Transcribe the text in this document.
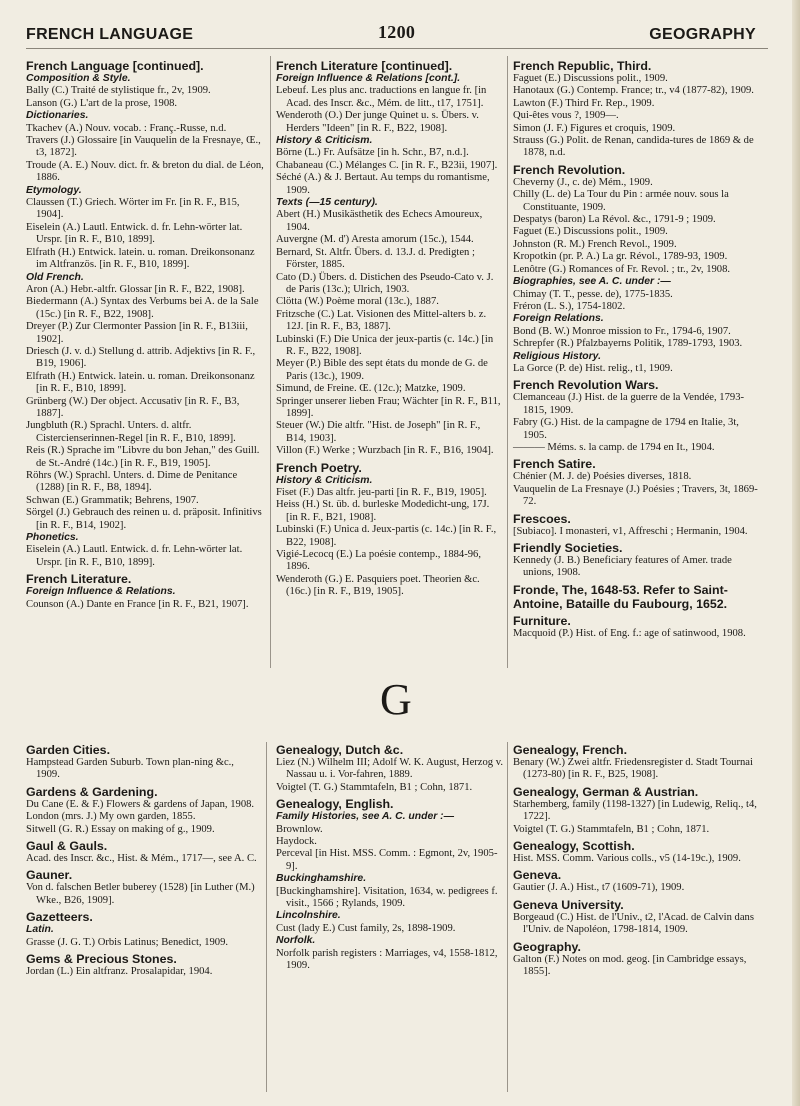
FRENCH LANGUAGE	1200	GEOGRAPHY
French Language [continued].
Composition & Style.
Bally (C.) Traité de stylistique fr., 2v, 1909.
Lanson (G.) L'art de la prose, 1908.
Dictionaries.
Tkachev (A.) Nouv. vocab. : Franç.-Russe, n.d.
Travers (J.) Glossaire [in Vauquelin de la Fresnaye, Œ., t3, 1872].
Troude (A. E.) Nouv. dict. fr. & breton du dial. de Léon, 1886.
Etymology.
Claussen (T.) Griech. Wörter im Fr. [in R. F., B15, 1904].
Eiselein (A.) Lautl. Entwick. d. fr. Lehn-wörter lat. Urspr. [in R. F., B10, 1899].
Elfrath (H.) Entwick. latein. u. roman. Dreikonsonanz im Altfranzös. [in R. F., B10, 1899].
Old French.
Aron (A.) Hebr.-altfr. Glossar [in R. F., B22, 1908].
Biedermann (A.) Syntax des Verbums bei A. de la Sale (15c.) [in R. F., B22, 1908].
Dreyer (P.) Zur Clermonter Passion [in R. F., B13iii, 1902].
Driesch (J. v. d.) Stellung d. attrib. Adjektivs [in R. F., B19, 1906].
Elfrath (H.) Entwick. latein. u. roman. Dreikonsonanz [in R. F., B10, 1899].
Grünberg (W.) Der object. Accusativ [in R. F., B3, 1887].
Jungbluth (R.) Sprachl. Unters. d. altfr. Cistercienserinnen-Regel [in R. F., B10, 1899].
Reis (R.) Sprache im "Libvre du bon Jehan," des Guill. de St.-André (14c.) [in R. F., B19, 1905].
Röhrs (W.) Sprachl. Unters. d. Dime de Penitance (1288) [in R. F., B8, 1894].
Schwan (E.) Grammatik; Behrens, 1907.
Sörgel (J.) Gebrauch des reinen u. d. präposit. Infinitivs [in R. F., B14, 1902].
Phonetics.
Eiselein (A.) Lautl. Entwick. d. fr. Lehn-wörter lat. Urspr. [in R. F., B10, 1899].
French Literature.
Foreign Influence & Relations.
Counson (A.) Dante en France [in R. F., B21, 1907].
French Literature [continued].
Foreign Influence & Relations [cont.].
Lebeuf. Les plus anc. traductions en langue fr. [in Acad. des Inscr. &c., Mém. de litt., t17, 1751].
Wenderoth (O.) Der junge Quinet u. s. Übers. v. Herders "Ideen" [in R. F., B22, 1908].
History & Criticism.
Börne (L.) Fr. Aufsätze [in h. Schr., B7, n.d.].
Chabaneau (C.) Mélanges C. [in R. F., B23ii, 1907].
Séché (A.) & J. Bertaut. Au temps du romantisme, 1909.
Texts (—15 century).
Abert (H.) Musikästhetik des Echecs Amoureux, 1904.
Auvergne (M. d') Aresta amorum (15c.), 1544.
Bernard, St. Altfr. Übers. d. 13.J. d. Predigten ; Förster, 1885.
Cato (D.) Übers. d. Distichen des Pseudo-Cato v. J. de Paris (13c.); Ulrich, 1903.
Clötta (W.) Poème moral (13c.), 1887.
Fritzsche (C.) Lat. Visionen des Mittel-alters b. z. 12J. [in R. F., B3, 1887].
Lubinski (F.) Die Unica der jeux-partis (c. 14c.) [in R. F., B22, 1908].
Meyer (P.) Bible des sept états du monde de G. de Paris (13c.), 1909.
Simund, de Freine. Œ. (12c.); Matzke, 1909.
Springer unserer lieben Frau; Wächter [in R. F., B11, 1899].
Steuer (W.) Die altfr. "Hist. de Joseph" [in R. F., B14, 1903].
Villon (F.) Werke ; Wurzbach [in R. F., B16, 1904].
French Poetry.
History & Criticism.
Fiset (F.) Das altfr. jeu-parti [in R. F., B19, 1905].
Heiss (H.) St. üb. d. burleske Modedicht-ung, 17J. [in R. F., B21, 1908].
Lubinski (F.) Unica d. Jeux-partis (c. 14c.) [in R. F., B22, 1908].
Vigié-Lecocq (E.) La poésie contemp., 1884-96, 1896.
Wenderoth (G.) E. Pasquiers poet. Theorien &c. (16c.) [in R. F., B19, 1905].
French Republic, Third.
Faguet (E.) Discussions polit., 1909.
Hanotaux (G.) Contemp. France; tr., v4 (1877-82), 1909.
Lawton (F.) Third Fr. Rep., 1909.
Qui-êtes vous ?, 1909—.
Simon (J. F.) Figures et croquis, 1909.
Strauss (G.) Polit. de Renan, candida-tures de 1869 & de 1878, n.d.
French Revolution.
Cheverny (J., c. de) Mém., 1909.
Chilly (L. de) La Tour du Pin : armée nouv. sous la Constituante, 1909.
Despatys (baron) La Révol. &c., 1791-9 ; 1909.
Faguet (E.) Discussions polit., 1909.
Johnston (R. M.) French Revol., 1909.
Kropotkin (pr. P. A.) La gr. Révol., 1789-93, 1909.
Lenôtre (G.) Romances of Fr. Revol. ; tr., 2v, 1908.
Biographies, see A. C. under :—
Chimay (T. T., pesse. de), 1775-1835.
Fréron (L. S.), 1754-1802.
Foreign Relations.
Bond (B. W.) Monroe mission to Fr., 1794-6, 1907.
Schrepfer (R.) Pfalzbayerns Politik, 1789-1793, 1903.
Religious History.
La Gorce (P. de) Hist. relig., t1, 1909.
French Revolution Wars.
Clemanceau (J.) Hist. de la guerre de la Vendée, 1793-1815, 1909.
Fabry (G.) Hist. de la campagne de 1794 en Italie, 3t, 1905.
——— Méms. s. la camp. de 1794 en It., 1904.
French Satire.
Chénier (M. J. de) Poésies diverses, 1818.
Vauquelin de La Fresnaye (J.) Poésies ; Travers, 3t, 1869-72.
Frescoes.
[Subiaco]. I monasteri, v1, Affreschi ; Hermanin, 1904.
Friendly Societies.
Kennedy (J. B.) Beneficiary features of Amer. trade unions, 1908.
Fronde, The, 1648-53. Refer to Saint-Antoine, Bataille du Faubourg, 1652.
Furniture.
Macquoid (P.) Hist. of Eng. f.: age of satinwood, 1908.
G
Garden Cities.
Hampstead Garden Suburb. Town plan-ning &c., 1909.
Gardens & Gardening.
Du Cane (E. & F.) Flowers & gardens of Japan, 1908.
London (mrs. J.) My own garden, 1855.
Sitwell (G. R.) Essay on making of g., 1909.
Gaul & Gauls.
Acad. des Inscr. &c., Hist. & Mém., 1717—, see A. C.
Gauner.
Von d. falschen Betler buberey (1528) [in Luther (M.) Wke., B26, 1909].
Gazetteers.
Latin.
Grasse (J. G. T.) Orbis Latinus; Benedict, 1909.
Gems & Precious Stones.
Jordan (L.) Ein altfranz. Prosalapidar, 1904.
Genealogy, Dutch &c.
Liez (N.) Wilhelm III; Adolf W. K. August, Herzog v. Nassau u. i. Vor-fahren, 1889.
Voigtel (T. G.) Stammtafeln, B1 ; Cohn, 1871.
Genealogy, English.
Family Histories, see A. C. under :—
Brownlow.
Haydock.
Perceval [in Hist. MSS. Comm. : Egmont, 2v, 1905-9].
Buckinghamshire.
[Buckinghamshire]. Visitation, 1634, w. pedigrees f. visit., 1566 ; Rylands, 1909.
Lincolnshire.
Cust (lady E.) Cust family, 2s, 1898-1909.
Norfolk.
Norfolk parish registers : Marriages, v4, 1558-1812, 1909.
Genealogy, French.
Benary (W.) Zwei altfr. Friedensregister d. Stadt Tournai (1273-80) [in R. F., B25, 1908].
Genealogy, German & Austrian.
Starhemberg, family (1198-1327) [in Ludewig, Reliq., t4, 1722].
Voigtel (T. G.) Stammtafeln, B1 ; Cohn, 1871.
Genealogy, Scottish.
Hist. MSS. Comm. Various colls., v5 (14-19c.), 1909.
Geneva.
Gautier (J. A.) Hist., t7 (1609-71), 1909.
Geneva University.
Borgeaud (C.) Hist. de l'Univ., t2, l'Acad. de Calvin dans l'Univ. de Napoléon, 1798-1814, 1909.
Geography.
Galton (F.) Notes on mod. geog. [in Cambridge essays, 1855].
